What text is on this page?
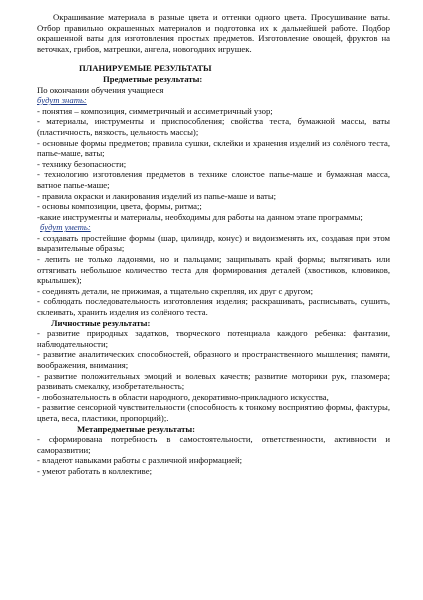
Окрашивание материала в разные цвета и оттенки одного цвета. Просушивание ваты. Отбор правильно окрашенных материалов и подготовка их к дальнейшей работе. Подбор окрашенной ваты для изготовления простых предметов. Изготовление овощей, фруктов на веточках, грибов, матрешки, ангела, новогодних игрушек.

ПЛАНИРУЕМЫЕ РЕЗУЛЬТАТЫ

Предметные результаты:

По окончании обучения учащиеся

будут знать:

- понятия – композиция, симметричный и ассиметричный узор;

- материалы, инструменты и приспособления; свойства теста, бумажной массы, ваты (пластичность, вязкость, цельность массы);

- основные формы предметов; правила сушки, склейки и хранения изделий из солёного теста, папье-маше, ваты;

- технику безопасности;

- технологию изготовления предметов в технике слоистое папье-маше и бумажная масса, ватное папье-маше;

- правила окраски и лакирования изделий из папье-маше и ваты;

- основы композиции, цвета, формы, ритма;;

-какие инструменты и материалы, необходимы для работы на данном этапе программы;

будут уметь:

- создавать простейшие формы (шар, цилиндр, конус) и видоизменять их, создавая при этом выразительные образы;

- лепить не только ладонями, но и пальцами; защипывать край формы; вытягивать или оттягивать небольшое количество теста для формирования деталей (хвостиков, клювиков, крылышек);

- соединять детали, не прижимая, а тщательно скрепляя, их друг с другом;

- соблюдать последовательность изготовления изделия; раскрашивать, расписывать, сушить, склеивать, хранить изделия из солёного теста.

Личностные результаты:

- развитие природных задатков, творческого потенциала каждого ребенка: фантазии, наблюдательности;

- развитие аналитических способностей, образного и пространственного мышления; памяти, воображения, внимания;

- развитие положительных эмоций и волевых качеств; развитие моторики рук, глазомера; развивать смекалку, изобретательность;

- любознательность в области народного, декоративно-прикладного искусства,

- развитие сенсорной чувствительности (способность к тонкому восприятию формы, фактуры, цвета, веса, пластики, пропорций);.

Метапредметные результаты:

- сформирована потребность в самостоятельности, ответственности, активности и саморазвитии;

- владеют навыками работы с различной информацией;

- умеют работать в коллективе;
